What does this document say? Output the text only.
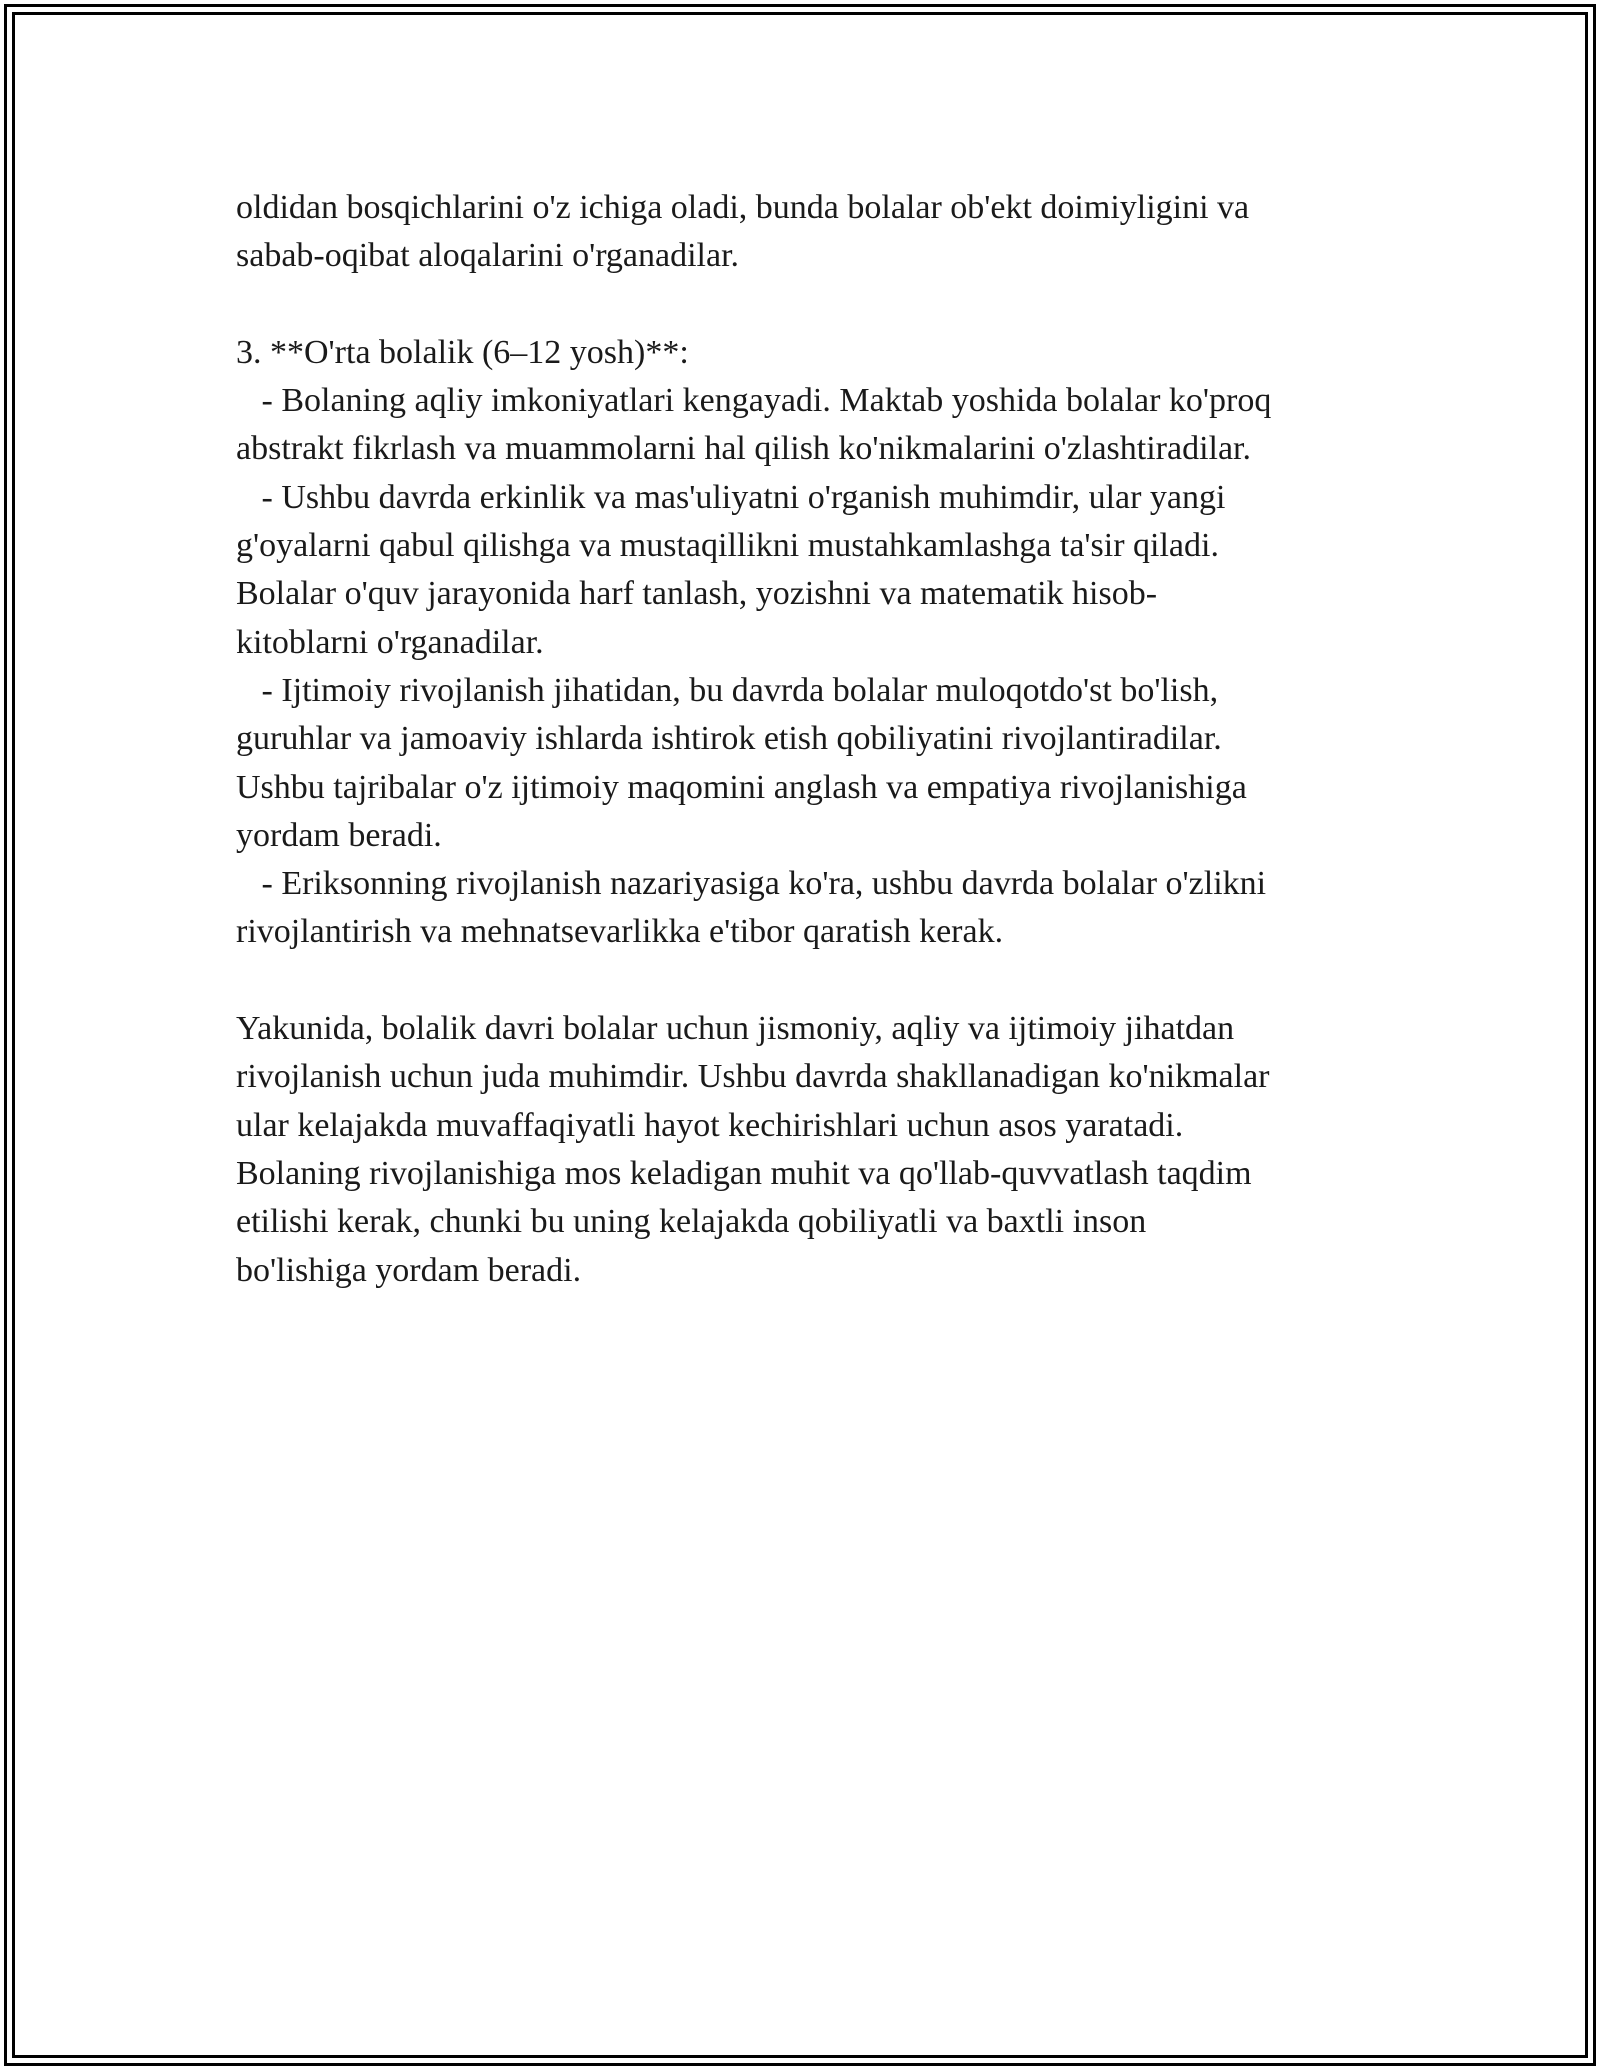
oldidan bosqichlarini o'z ichiga oladi, bunda bolalar ob'ekt doimiyligini va
sabab-oqibat aloqalarini o'rganadilar.
3. **O'rta bolalik (6–12 yosh)**:
- Bolaning aqliy imkoniyatlari kengayadi. Maktab yoshida bolalar ko'proq
abstrakt fikrlash va muammolarni hal qilish ko'nikmalarini o'zlashtiradilar.
- Ushbu davrda erkinlik va mas'uliyatni o'rganish muhimdir, ular yangi
g'oyalarni qabul qilishga va mustaqillikni mustahkamlashga ta'sir qiladi.
Bolalar o'quv jarayonida harf tanlash, yozishni va matematik hisob-
kitoblarni o'rganadilar.
- Ijtimoiy rivojlanish jihatidan, bu davrda bolalar muloqotdo'st bo'lish,
guruhlar va jamoaviy ishlarda ishtirok etish qobiliyatini rivojlantiradilar.
Ushbu tajribalar o'z ijtimoiy maqomini anglash va empatiya rivojlanishiga
yordam beradi.
- Eriksonning rivojlanish nazariyasiga ko'ra, ushbu davrda bolalar o'zlikni
rivojlantirish va mehnatsevarlikka e'tibor qaratish kerak.
Yakunida, bolalik davri bolalar uchun jismoniy, aqliy va ijtimoiy jihatdan
rivojlanish uchun juda muhimdir. Ushbu davrda shakllanadigan ko'nikmalar
ular kelajakda muvaffaqiyatli hayot kechirishlari uchun asos yaratadi.
Bolaning rivojlanishiga mos keladigan muhit va qo'llab-quvvatlash taqdim
etilishi kerak, chunki bu uning kelajakda qobiliyatli va baxtli inson
bo'lishiga yordam beradi.
